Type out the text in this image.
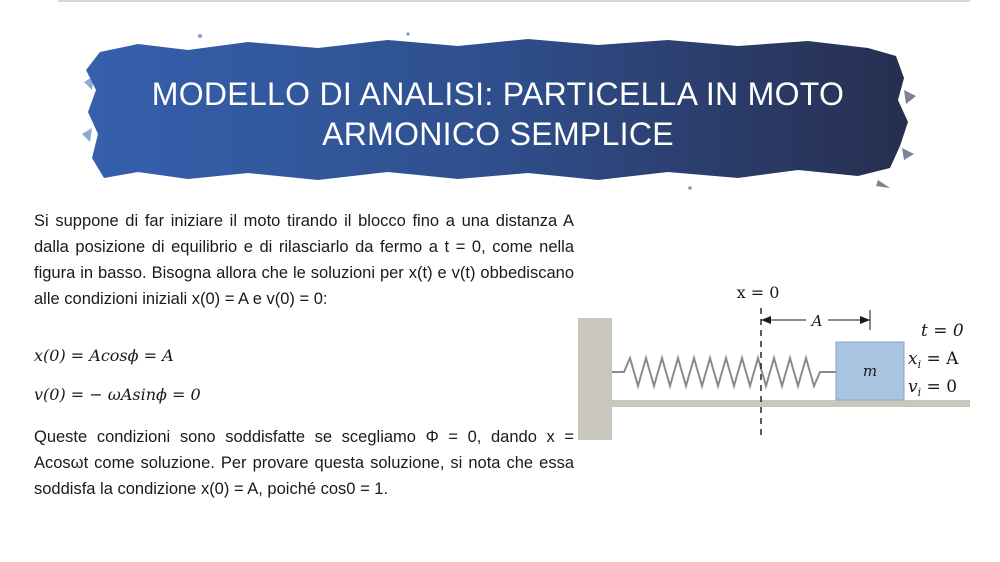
MODELLO DI ANALISI: PARTICELLA IN MOTO ARMONICO SEMPLICE

Si suppone di far iniziare il moto tirando il blocco fino a una distanza A dalla posizione di equilibrio e di rilasciarlo da fermo a t = 0, come nella figura in basso. Bisogna allora che le soluzioni per x(t) e v(t) obbediscano alle condizioni iniziali x(0) = A e v(0) = 0:

x(0) = Acosϕ = A
v(0) = − ωAsinϕ = 0
Queste condizioni sono soddisfatte se scegliamo Φ = 0, dando x = Acosωt come soluzione. Per provare questa soluzione, si nota che essa soddisfa la condizione x(0) = A, poiché cos0 = 1.
m
x = 0
A	t = 0
$x_i = A$
$v_i = 0$
